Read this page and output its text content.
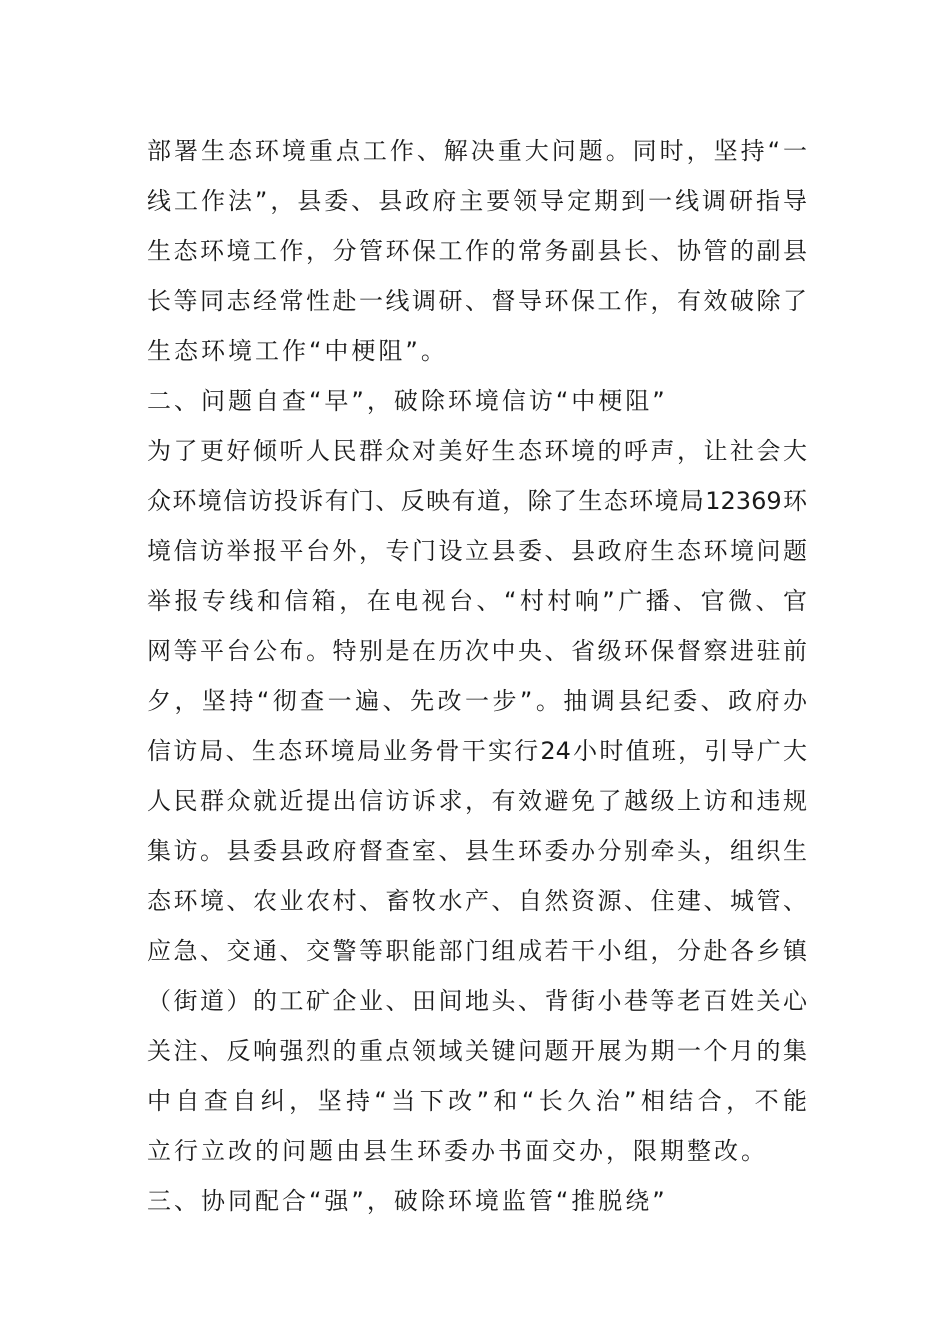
部署生态环境重点工作、解决重大问题。同时，坚持“一
线工作法”，县委、县政府主要领导定期到一线调研指导
生态环境工作，分管环保工作的常务副县长、协管的副县
长等同志经常性赴一线调研、督导环保工作，有效破除了
生态环境工作“中梗阻”。
二、问题自查“早”，破除环境信访“中梗阻”
为了更好倾听人民群众对美好生态环境的呼声，让社会大
众环境信访投诉有门、反映有道，除了生态环境局12369环
境信访举报平台外，专门设立县委、县政府生态环境问题
举报专线和信箱，在电视台、“村村响”广播、官微、官
网等平台公布。特别是在历次中央、省级环保督察进驻前
夕，坚持“彻查一遍、先改一步”。抽调县纪委、政府办
信访局、生态环境局业务骨干实行24小时值班，引导广大
人民群众就近提出信访诉求，有效避免了越级上访和违规
集访。县委县政府督查室、县生环委办分别牵头，组织生
态环境、农业农村、畜牧水产、自然资源、住建、城管、
应急、交通、交警等职能部门组成若干小组，分赴各乡镇
（街道）的工矿企业、田间地头、背街小巷等老百姓关心
关注、反响强烈的重点领域关键问题开展为期一个月的集
中自查自纠，坚持“当下改”和“长久治”相结合，不能
立行立改的问题由县生环委办书面交办，限期整改。
三、协同配合“强”，破除环境监管“推脱绕”
